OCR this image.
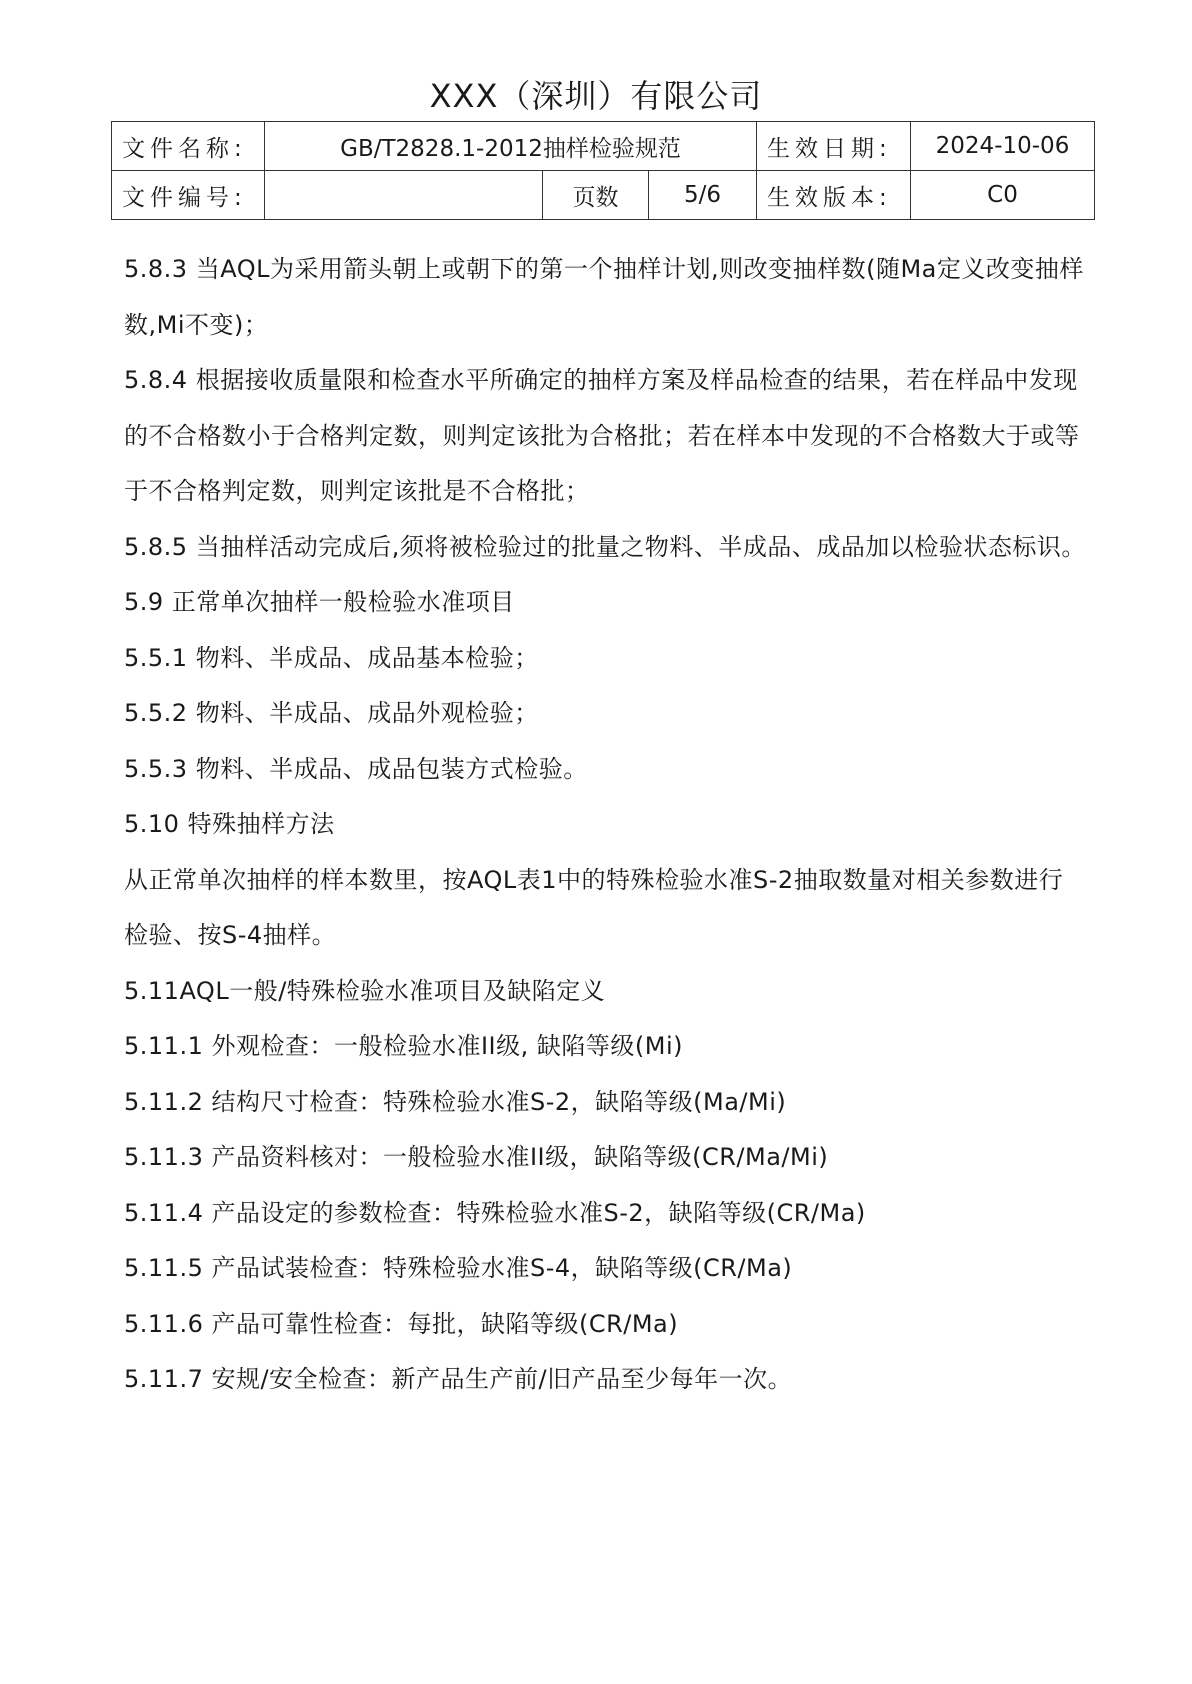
XXX（深圳）有限公司
文件名称:	GB/T2828.1-2012抽样检验规范			生效日期:	2024-10-06
文件编号:		页数	5/6	生效版本:	C0

5.8.3 当AQL为采用箭头朝上或朝下的第一个抽样计划,则改变抽样数(随Ma定义改变抽样数,Mi不变)；

5.8.4 根据接收质量限和检查水平所确定的抽样方案及样品检查的结果，若在样品中发现的不合格数小于合格判定数，则判定该批为合格批；若在样本中发现的不合格数大于或等于不合格判定数，则判定该批是不合格批；

5.8.5 当抽样活动完成后,须将被检验过的批量之物料、半成品、成品加以检验状态标识。

5.9 正常单次抽样一般检验水准项目

5.5.1 物料、半成品、成品基本检验；

5.5.2 物料、半成品、成品外观检验；

5.5.3 物料、半成品、成品包装方式检验。

5.10 特殊抽样方法

从正常单次抽样的样本数里，按AQL表1中的特殊检验水准S-2抽取数量对相关参数进行检验、按S-4抽样。

5.11AQL一般/特殊检验水准项目及缺陷定义

5.11.1 外观检查：一般检验水准II级, 缺陷等级(Mi)

5.11.2 结构尺寸检查：特殊检验水准S-2，缺陷等级(Ma/Mi)

5.11.3 产品资料核对：一般检验水准II级，缺陷等级(CR/Ma/Mi)

5.11.4 产品设定的参数检查：特殊检验水准S-2，缺陷等级(CR/Ma)

5.11.5 产品试装检查：特殊检验水准S-4，缺陷等级(CR/Ma)

5.11.6 产品可靠性检查：每批，缺陷等级(CR/Ma)

5.11.7 安规/安全检查：新产品生产前/旧产品至少每年一次。
